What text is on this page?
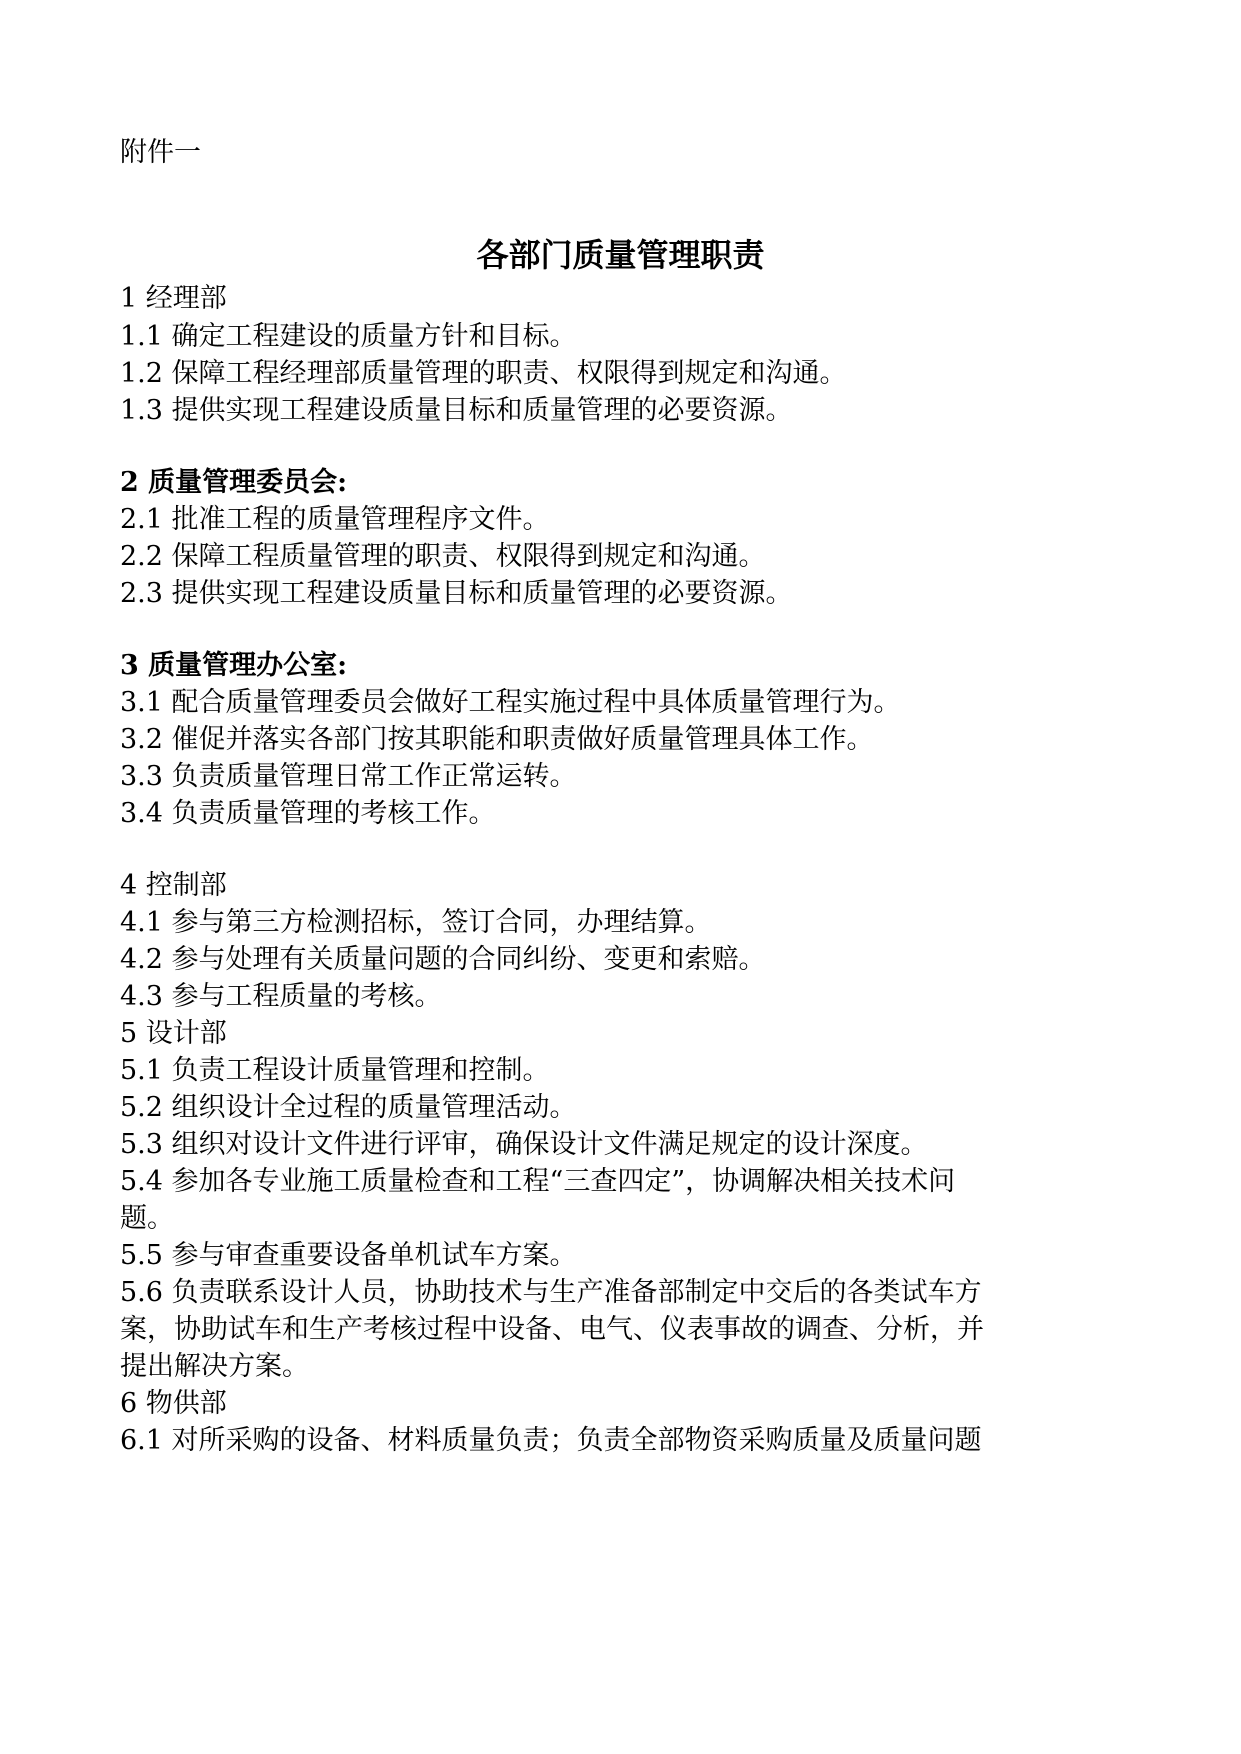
附件一
各部门质量管理职责
1 经理部
1.1 确定工程建设的质量方针和目标。
1.2 保障工程经理部质量管理的职责、权限得到规定和沟通。
1.3 提供实现工程建设质量目标和质量管理的必要资源。
2 质量管理委员会:
2.1 批准工程的质量管理程序文件。
2.2 保障工程质量管理的职责、权限得到规定和沟通。
2.3 提供实现工程建设质量目标和质量管理的必要资源。
3 质量管理办公室:
3.1 配合质量管理委员会做好工程实施过程中具体质量管理行为。
3.2 催促并落实各部门按其职能和职责做好质量管理具体工作。
3.3 负责质量管理日常工作正常运转。
3.4 负责质量管理的考核工作。
4 控制部
4.1 参与第三方检测招标，签订合同，办理结算。
4.2 参与处理有关质量问题的合同纠纷、变更和索赔。
4.3 参与工程质量的考核。
5 设计部
5.1 负责工程设计质量管理和控制。
5.2 组织设计全过程的质量管理活动。
5.3 组织对设计文件进行评审，确保设计文件满足规定的设计深度。
5.4 参加各专业施工质量检查和工程“三查四定”，协调解决相关技术问
题。
5.5 参与审查重要设备单机试车方案。
5.6 负责联系设计人员，协助技术与生产准备部制定中交后的各类试车方
案，协助试车和生产考核过程中设备、电气、仪表事故的调查、分析，并
提出解决方案。
6 物供部
6.1 对所采购的设备、材料质量负责；负责全部物资采购质量及质量问题
